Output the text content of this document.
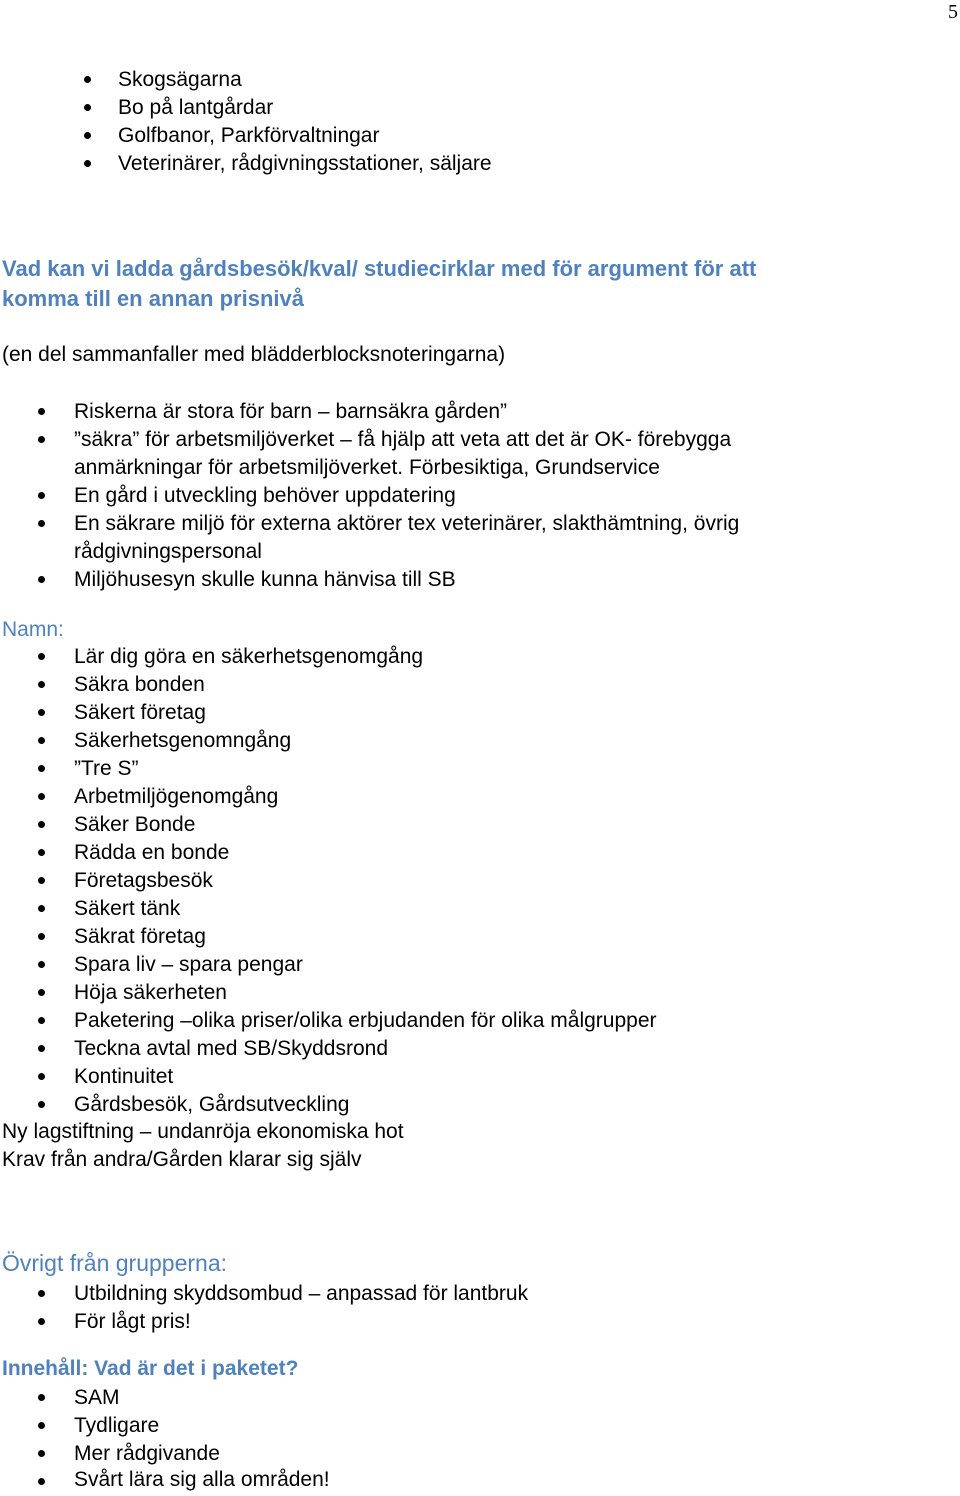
5
Skogsägarna
Bo på lantgårdar
Golfbanor, Parkförvaltningar
Veterinärer, rådgivningsstationer, säljare
Vad kan vi ladda gårdsbesök/kval/ studiecirklar med för argument för att
komma till en annan prisnivå
(en del sammanfaller med blädderblocksnoteringarna)
Riskerna är stora för barn – barnsäkra gården”
”säkra” för arbetsmiljöverket – få hjälp att veta att det är OK- förebygga
anmärkningar för arbetsmiljöverket. Förbesiktiga, Grundservice
En gård i utveckling behöver uppdatering
En säkrare miljö för externa aktörer tex veterinärer, slakthämtning, övrig
rådgivningspersonal
Miljöhusesyn skulle kunna hänvisa till SB
Namn:
Lär dig göra en säkerhetsgenomgång
Säkra bonden
Säkert företag
Säkerhetsgenomngång
”Tre S”
Arbetmiljögenomgång
Säker Bonde
Rädda en bonde
Företagsbesök
Säkert tänk
Säkrat företag
Spara liv – spara pengar
Höja säkerheten
Paketering –olika priser/olika erbjudanden för olika målgrupper
Teckna avtal med SB/Skyddsrond
Kontinuitet
Gårdsbesök, Gårdsutveckling
Ny lagstiftning – undanröja ekonomiska hot
Krav från andra/Gården klarar sig själv
Övrigt från grupperna:
Utbildning skyddsombud – anpassad för lantbruk
För lågt pris!
Innehåll: Vad är det i paketet?
SAM
Tydligare
Mer rådgivande
Svårt lära sig alla områden!
